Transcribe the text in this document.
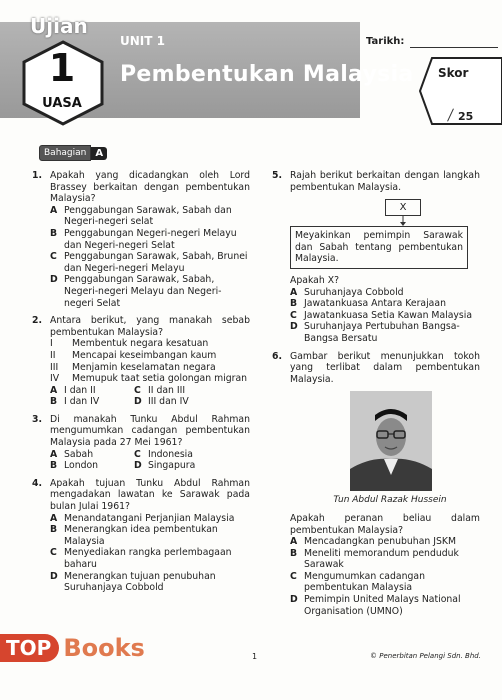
Tarikh:
Ujian
1
UASA
UNIT 1
Pembentukan Malaysia Skor
25
Bahagian A
1. Apakah yang dicadangkan oleh Lord Brassey berkaitan dengan pembentukan Malaysia?
A Penggabungan Sarawak, Sabah dan Negeri-negeri selat
B Penggabungan Negeri-negeri Melayu dan Negeri-negeri Selat
C Penggabungan Sarawak, Sabah, Brunei dan Negeri-negeri Melayu
D Penggabungan Sarawak, Sabah, Negeri-negeri Melayu dan Negeri-negeri Selat
2. Antara berikut, yang manakah sebab pembentukan Malaysia?
I Membentuk negara kesatuan
II Mencapai keseimbangan kaum
III Menjamin keselamatan negara
IV Memupuk taat setia golongan migran
A I dan II	C II dan III
B I dan IV	D III dan IV
3. Di manakah Tunku Abdul Rahman mengumumkan cadangan pembentukan Malaysia pada 27 Mei 1961?
A Sabah	C Indonesia
B London	D Singapura
4. Apakah tujuan Tunku Abdul Rahman mengadakan lawatan ke Sarawak pada bulan Julai 1961?
A Menandatangani Perjanjian Malaysia
B Menerangkan idea pembentukan Malaysia
C Menyediakan rangka perlembagaan baharu
D Menerangkan tujuan penubuhan Suruhanjaya Cobbold
5. Rajah berikut berkaitan dengan langkah pembentukan Malaysia.
X
Meyakinkan pemimpin Sarawak dan Sabah tentang pembentukan Malaysia.
Apakah X?
A Suruhanjaya Cobbold
B Jawatankuasa Antara Kerajaan
C Jawatankuasa Setia Kawan Malaysia
D Suruhanjaya Pertubuhan Bangsa-Bangsa Bersatu
6. Gambar berikut menunjukkan tokoh yang terlibat dalam pembentukan Malaysia.
Tun Abdul Razak Hussein
Apakah peranan beliau dalam pembentukan Malaysia?
A Mencadangkan penubuhan JSKM
B Meneliti memorandum penduduk Sarawak
C Mengumumkan cadangan pembentukan Malaysia
D Pemimpin United Malays National Organisation (UMNO)
TOP Books	1	© Penerbitan Pelangi Sdn. Bhd.
